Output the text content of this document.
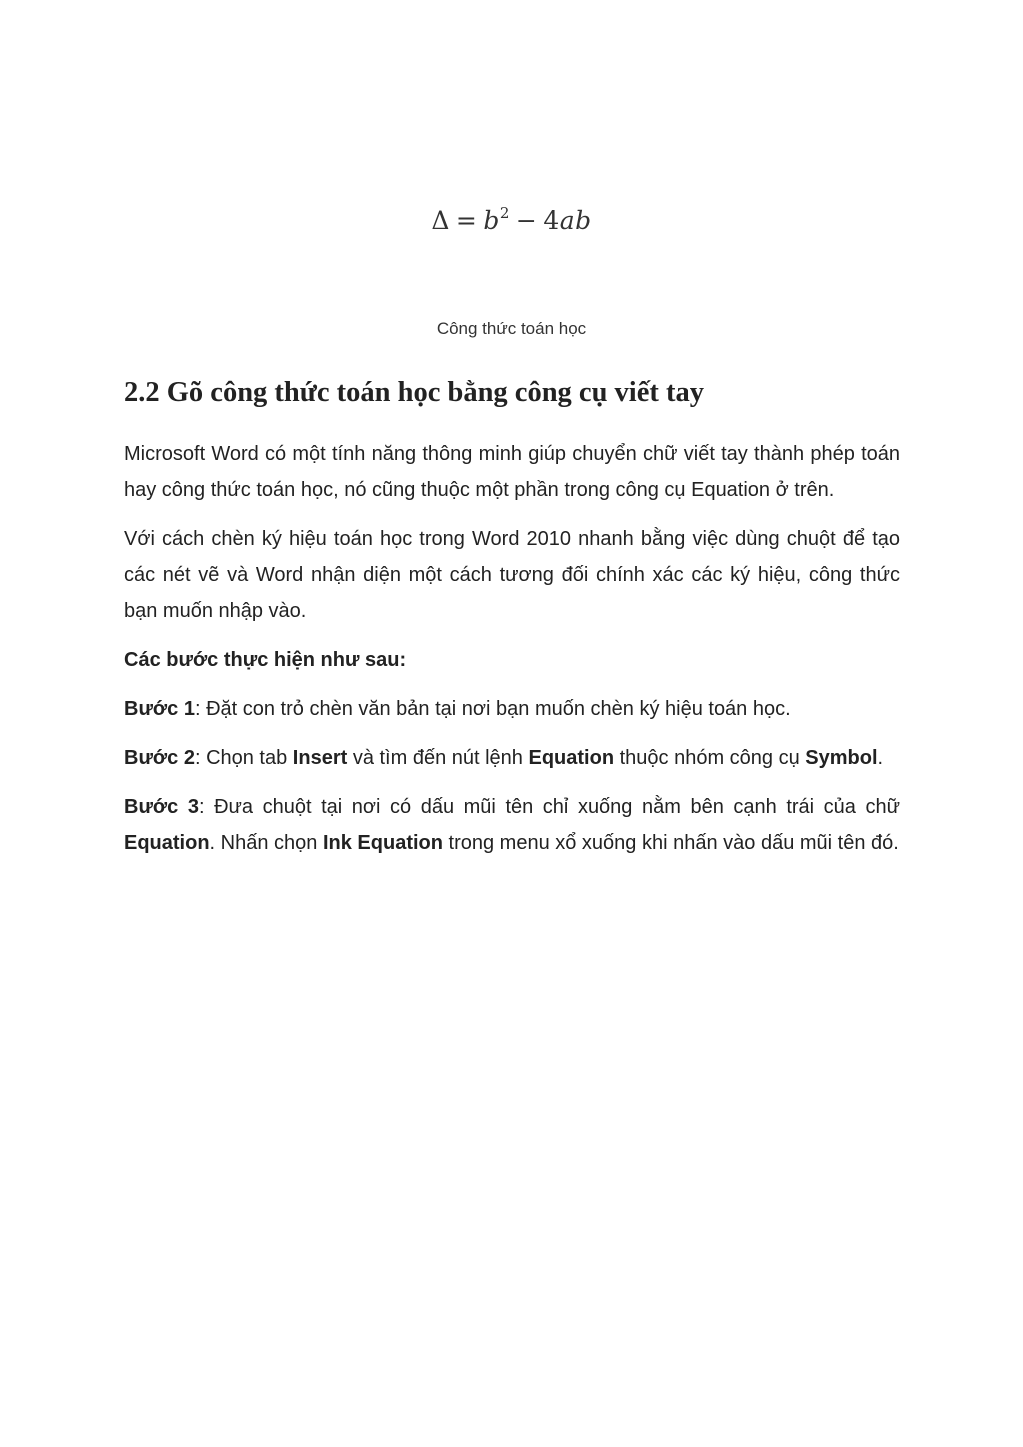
$\Delta = b^2 - 4ab$
Công thức toán học
2.2 Gõ công thức toán học bằng công cụ viết tay

Microsoft Word có một tính năng thông minh giúp chuyển chữ viết tay thành phép toán hay công thức toán học, nó cũng thuộc một phần trong công cụ Equation ở trên.

Với cách chèn ký hiệu toán học trong Word 2010 nhanh bằng việc dùng chuột để tạo các nét vẽ và Word nhận diện một cách tương đối chính xác các ký hiệu, công thức bạn muốn nhập vào.

Các bước thực hiện như sau:

Bước 1: Đặt con trỏ chèn văn bản tại nơi bạn muốn chèn ký hiệu toán học.

Bước 2: Chọn tab Insert và tìm đến nút lệnh Equation thuộc nhóm công cụ Symbol.

Bước 3: Đưa chuột tại nơi có dấu mũi tên chỉ xuống nằm bên cạnh trái của chữ Equation. Nhấn chọn Ink Equation trong menu xổ xuống khi nhấn vào dấu mũi tên đó.
